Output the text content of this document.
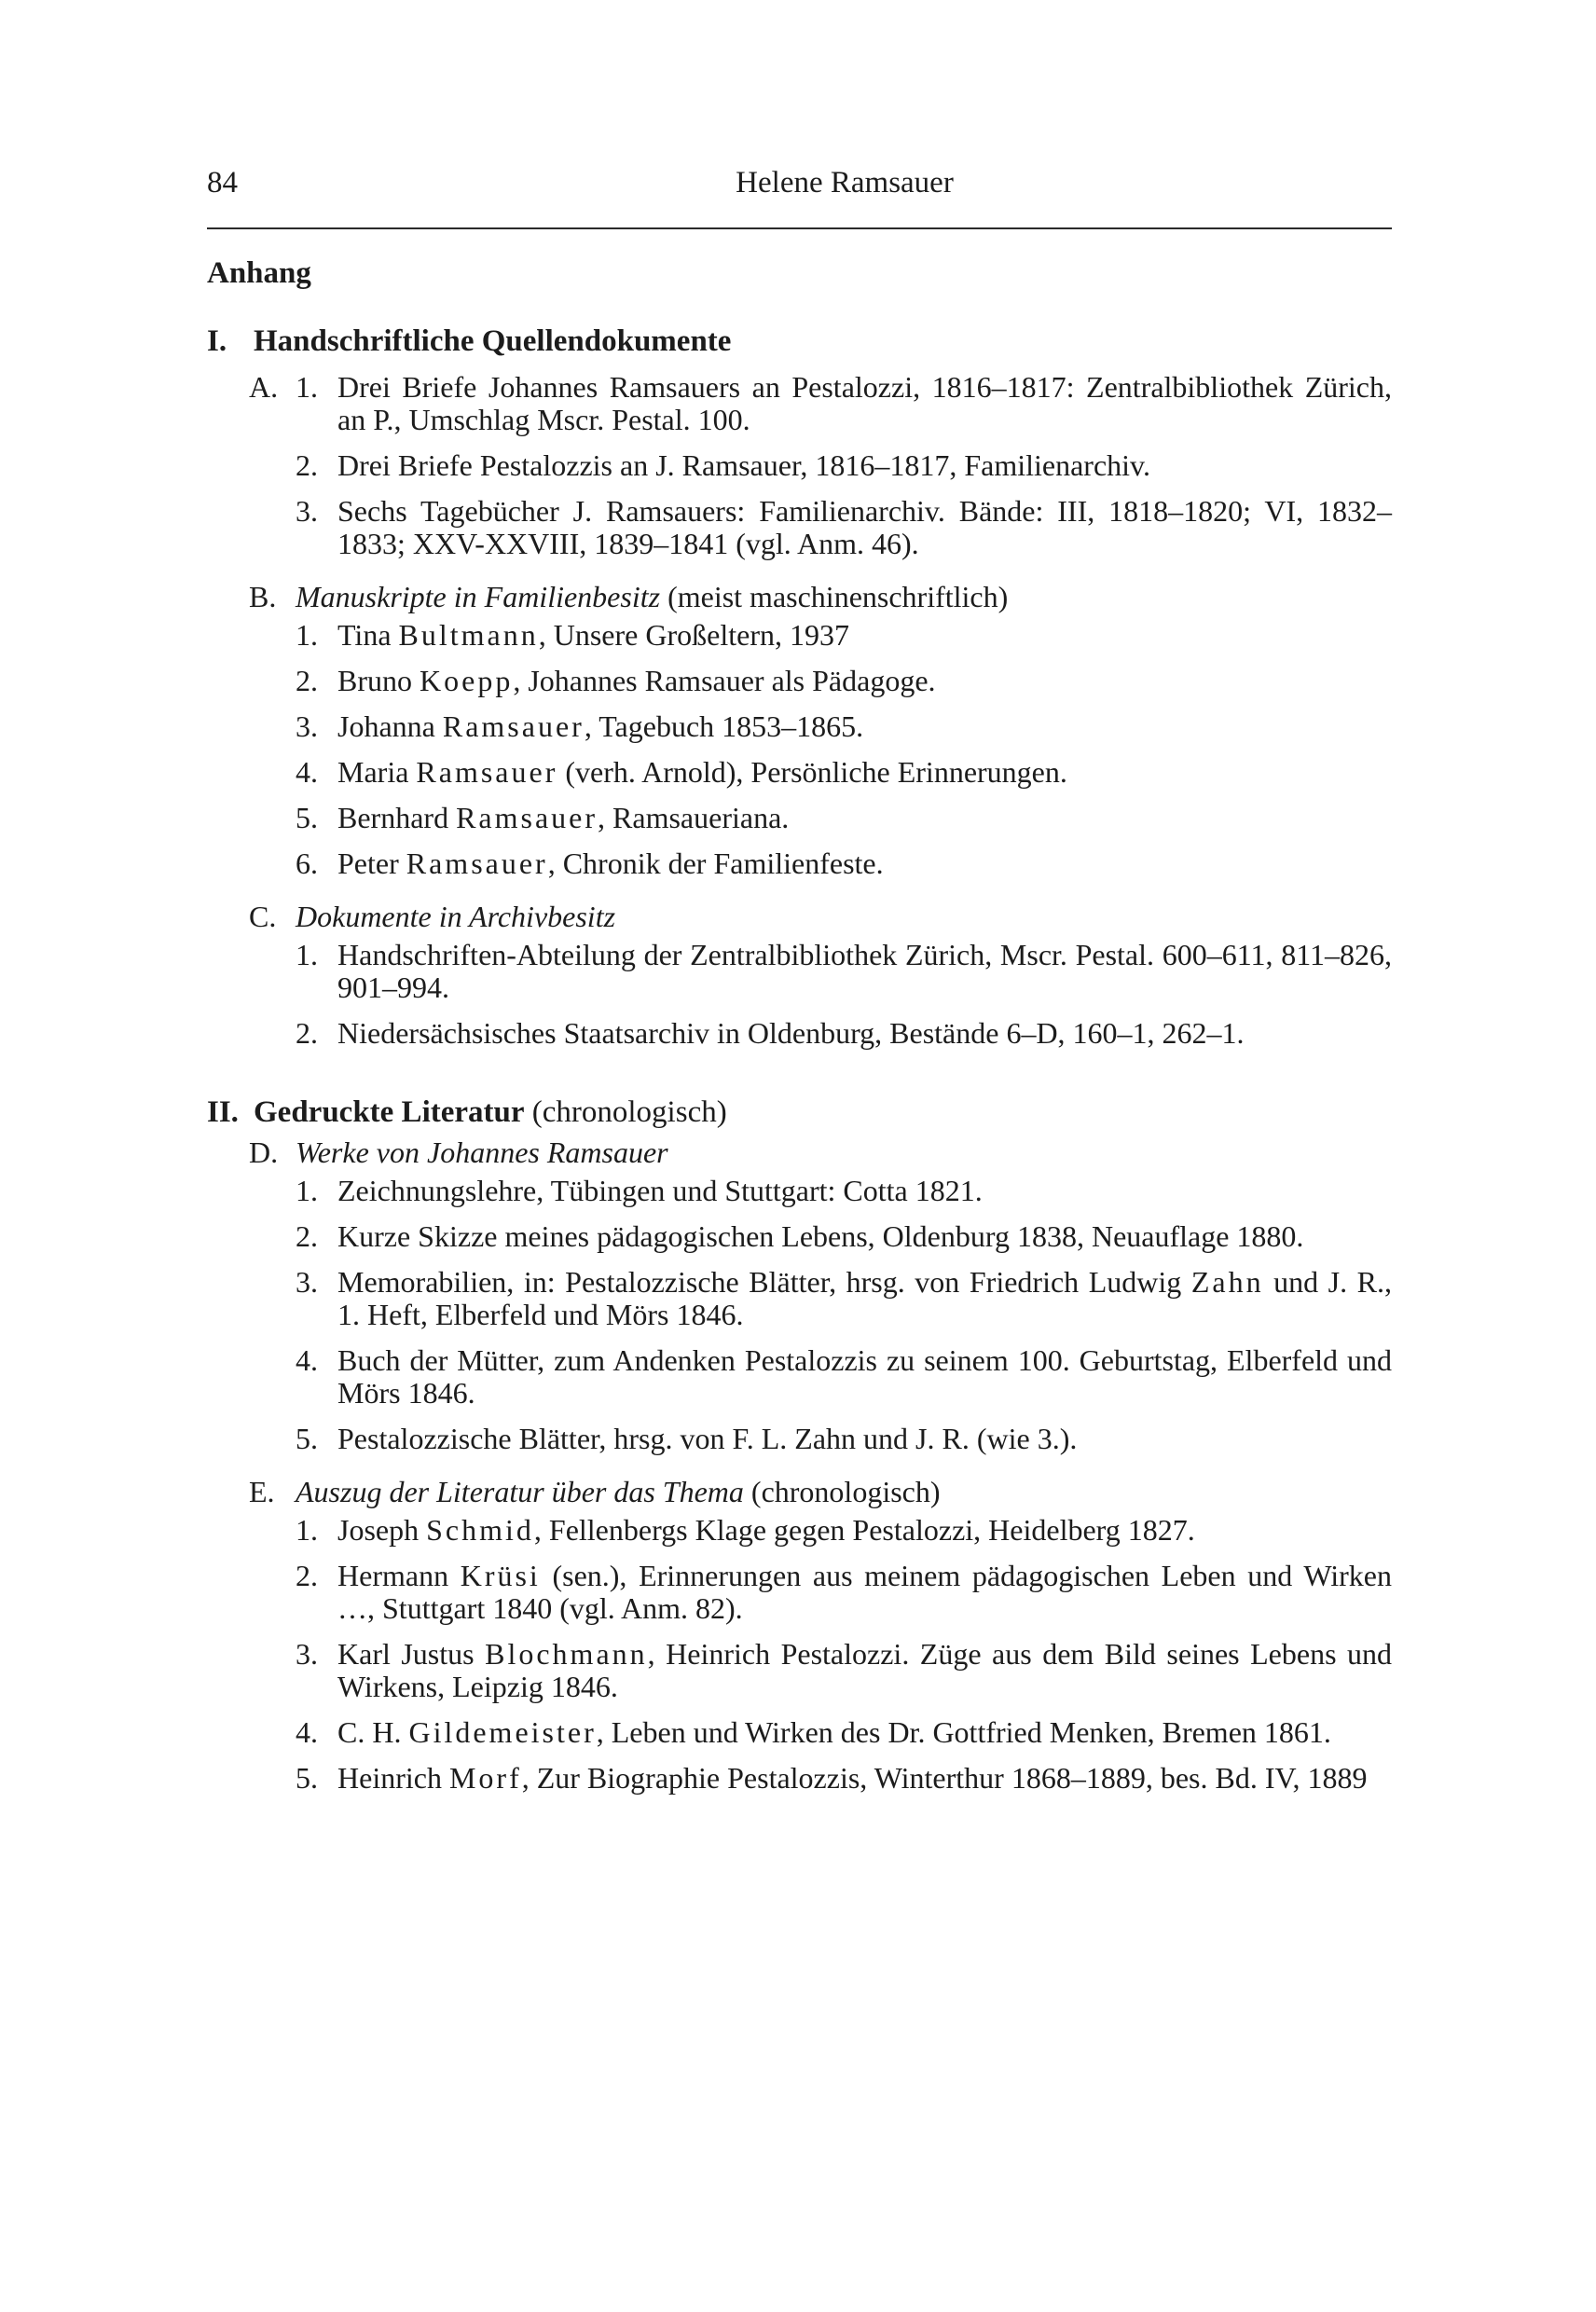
84	Helene Ramsauer
Anhang
I. Handschriftliche Quellendokumente
A. 1. Drei Briefe Johannes Ramsauers an Pestalozzi, 1816–1817: Zentralbibliothek Zürich, an P., Umschlag Mscr. Pestal. 100.
2. Drei Briefe Pestalozzis an J. Ramsauer, 1816–1817, Familienarchiv.
3. Sechs Tagebücher J. Ramsauers: Familienarchiv. Bände: III, 1818–1820; VI, 1832–1833; XXV-XXVIII, 1839–1841 (vgl. Anm. 46).
B. Manuskripte in Familienbesitz (meist maschinenschriftlich)
1. Tina Bultmann, Unsere Großeltern, 1937
2. Bruno Koepp, Johannes Ramsauer als Pädagoge.
3. Johanna Ramsauer, Tagebuch 1853–1865.
4. Maria Ramsauer (verh. Arnold), Persönliche Erinnerungen.
5. Bernhard Ramsauer, Ramsaueriana.
6. Peter Ramsauer, Chronik der Familienfeste.
C. Dokumente in Archivbesitz
1. Handschriften-Abteilung der Zentralbibliothek Zürich, Mscr. Pestal. 600–611, 811–826, 901–994.
2. Niedersächsisches Staatsarchiv in Oldenburg, Bestände 6–D, 160–1, 262–1.
II. Gedruckte Literatur (chronologisch)
D. Werke von Johannes Ramsauer
1. Zeichnungslehre, Tübingen und Stuttgart: Cotta 1821.
2. Kurze Skizze meines pädagogischen Lebens, Oldenburg 1838, Neuauflage 1880.
3. Memorabilien, in: Pestalozzische Blätter, hrsg. von Friedrich Ludwig Zahn und J. R., 1. Heft, Elberfeld und Mörs 1846.
4. Buch der Mütter, zum Andenken Pestalozzis zu seinem 100. Geburtstag, Elberfeld und Mörs 1846.
5. Pestalozzische Blätter, hrsg. von F. L. Zahn und J. R. (wie 3.).
E. Auszug der Literatur über das Thema (chronologisch)
1. Joseph Schmid, Fellenbergs Klage gegen Pestalozzi, Heidelberg 1827.
2. Hermann Krüsi (sen.), Erinnerungen aus meinem pädagogischen Leben und Wirken …, Stuttgart 1840 (vgl. Anm. 82).
3. Karl Justus Blochmann, Heinrich Pestalozzi. Züge aus dem Bild seines Lebens und Wirkens, Leipzig 1846.
4. C. H. Gildemeister, Leben und Wirken des Dr. Gottfried Menken, Bremen 1861.
5. Heinrich Morf, Zur Biographie Pestalozzis, Winterthur 1868–1889, bes. Bd. IV, 1889
